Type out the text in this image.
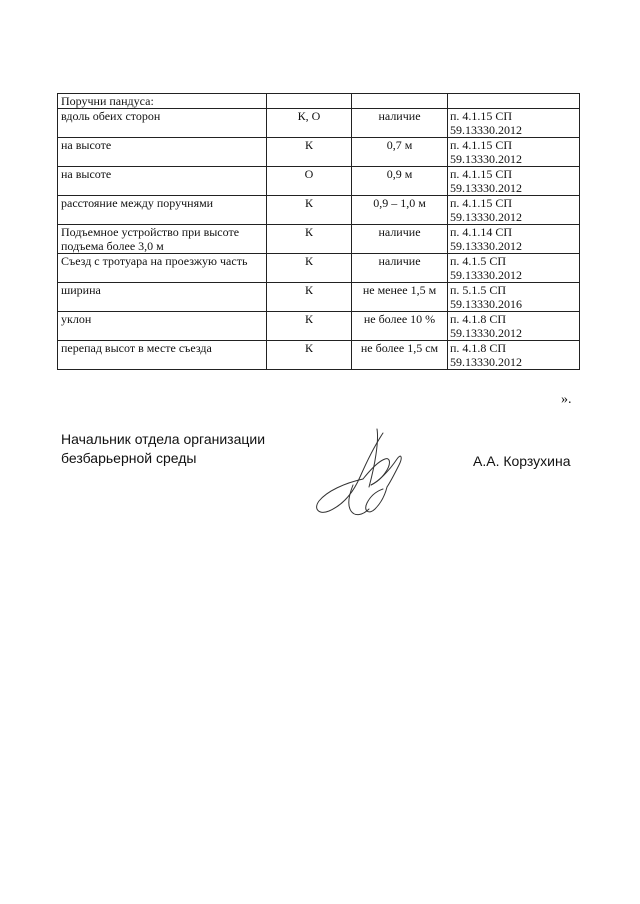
Поручни пандуса:			
вдоль обеих сторон	К, О	наличие	п. 4.1.15 СП 59.13330.2012
на высоте	К	0,7 м	п. 4.1.15 СП 59.13330.2012
на высоте	О	0,9 м	п. 4.1.15 СП 59.13330.2012
расстояние между поручнями	К	0,9 – 1,0 м	п. 4.1.15 СП 59.13330.2012
Подъемное устройство при высоте подъема более 3,0 м	К	наличие	п. 4.1.14 СП 59.13330.2012
Съезд с тротуара на проезжую часть	К	наличие	п. 4.1.5 СП 59.13330.2012
ширина	К	не менее 1,5 м	п. 5.1.5 СП 59.13330.2016
уклон	К	не более 10 %	п. 4.1.8 СП 59.13330.2012
перепад высот в месте съезда	К	не более 1,5 см	п. 4.1.8 СП 59.13330.2012
».
Начальник отдела организации
безбарьерной среды	А.А. Корзухина
